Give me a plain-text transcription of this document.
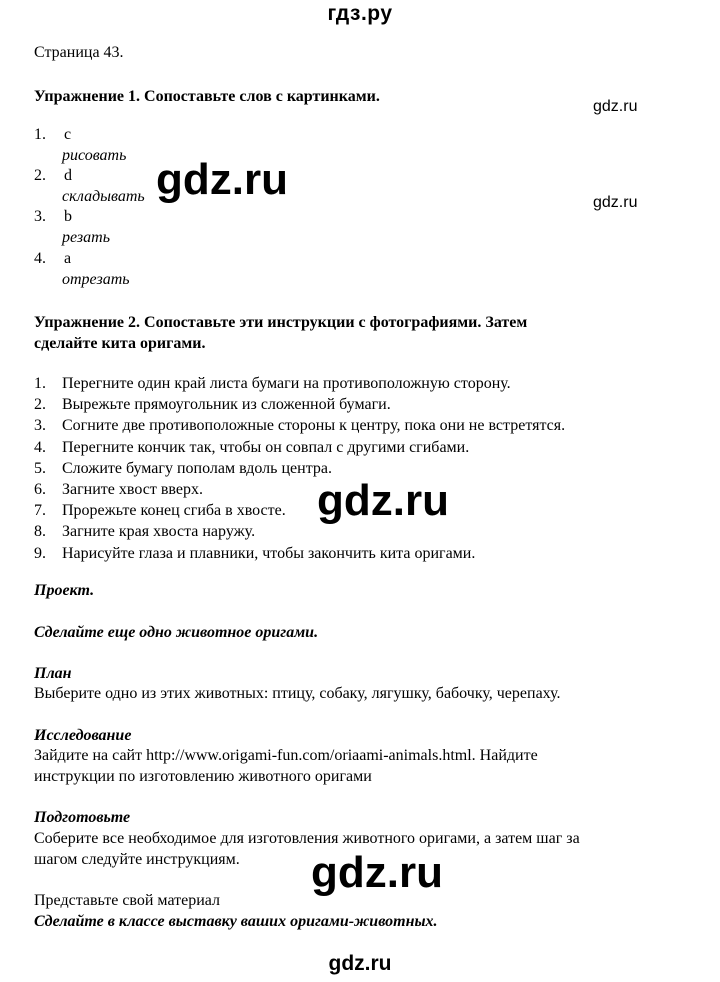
гдз.ру
Страница 43.
Упражнение 1. Сопоставьте слов с картинками.
gdz.ru
gdz.ru
1. c
рисовать
2. d
складывать
3. b
резать
4. a
отрезать
gdz.ru
Упражнение 2. Сопоставьте эти инструкции с фотографиями. Затем
сделайте кита оригами.
1. Перегните один край листа бумаги на противоположную сторону.
2. Вырежьте прямоугольник из сложенной бумаги.
3. Согните две противоположные стороны к центру, пока они не встретятся.
4. Перегните кончик так, чтобы он совпал с другими сгибами.
5. Сложите бумагу пополам вдоль центра.
6. Загните хвост вверх.
7. Прорежьте конец сгиба в хвосте.
8. Загните края хвоста наружу.
9. Нарисуйте глаза и плавники, чтобы закончить кита оригами.
gdz.ru
Проект.
Сделайте еще одно животное оригами.
План
Выберите одно из этих животных: птицу, собаку, лягушку, бабочку, черепаху.
Исследование
Зайдите на сайт http://www.origami-fun.com/oriaami-animals.html. Найдите
инструкции по изготовлению животного оригами
Подготовьте
Соберите все необходимое для изготовления животного оригами, а затем шаг за
шагом следуйте инструкциям.
Представьте свой материал
Сделайте в классе выставку ваших оригами-животных.
gdz.ru
gdz.ru
